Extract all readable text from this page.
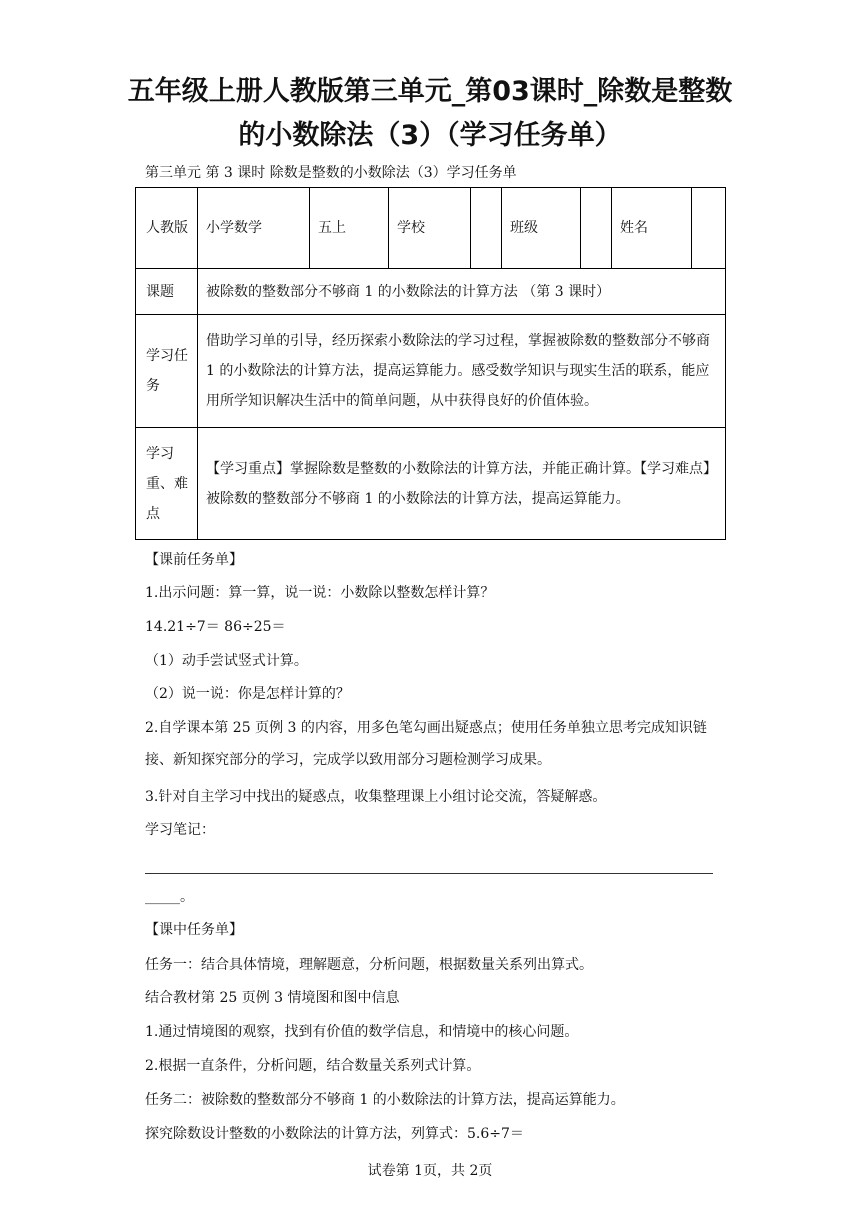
五年级上册人教版第三单元_第03课时_除数是整数的小数除法（3）（学习任务单）
第三单元 第 3 课时 除数是整数的小数除法（3）学习任务单
人教版	小学数学	五上	学校		班级		姓名	
课题	被除数的整数部分不够商 1 的小数除法的计算方法 （第 3 课时）							
学习任务	借助学习单的引导，经历探索小数除法的学习过程，掌握被除数的整数部分不够商 1 的小数除法的计算方法，提高运算能力。感受数学知识与现实生活的联系，能应用所学知识解决生活中的简单问题，从中获得良好的价值体验。							
学习重、难点	【学习重点】掌握除数是整数的小数除法的计算方法，并能正确计算。【学习难点】被除数的整数部分不够商 1 的小数除法的计算方法，提高运算能力。							
【课前任务单】
1.出示问题：算一算，说一说：小数除以整数怎样计算？
14.21÷7＝ 86÷25＝
（1）动手尝试竖式计算。
（2）说一说：你是怎样计算的？
2.自学课本第 25 页例 3 的内容，用多色笔勾画出疑惑点；使用任务单独立思考完成知识链接、新知探究部分的学习，完成学以致用部分习题检测学习成果。
3.针对自主学习中找出的疑惑点，收集整理课上小组讨论交流，答疑解惑。
学习笔记：
_____。
【课中任务单】
任务一：结合具体情境，理解题意，分析问题，根据数量关系列出算式。
结合教材第 25 页例 3 情境图和图中信息
1.通过情境图的观察，找到有价值的数学信息，和情境中的核心问题。
2.根据一直条件，分析问题，结合数量关系列式计算。
任务二：被除数的整数部分不够商 1 的小数除法的计算方法，提高运算能力。
探究除数设计整数的小数除法的计算方法，列算式：5.6÷7＝
试卷第 1页，共 2页
